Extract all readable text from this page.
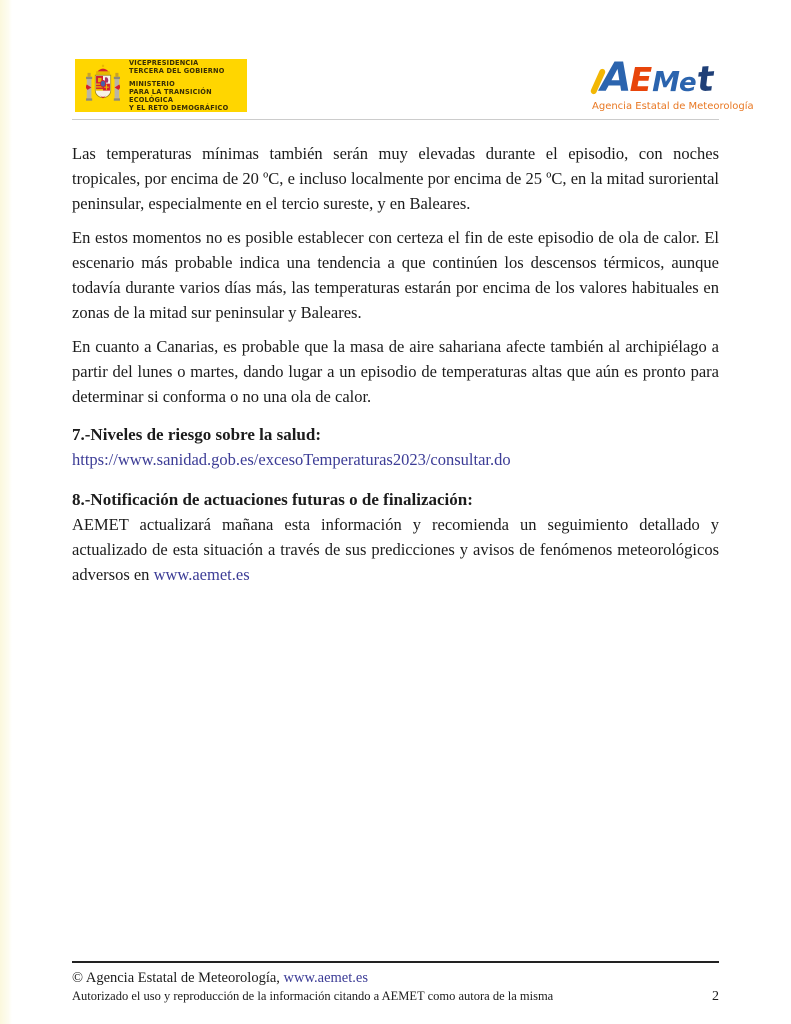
VICEPRESIDENCIA
TERCERA DEL GOBIERNO
MINISTERIO
PARA LA TRANSICIÓN ECOLÓGICA
Y EL RETO DEMOGRÁFICO
A E M e
t
Agencia Estatal de Meteorología

Las temperaturas mínimas también serán muy elevadas durante el episodio, con noches tropicales, por encima de 20 ºC, e incluso localmente por encima de 25 ºC, en la mitad suroriental peninsular, especialmente en el tercio sureste, y en Baleares.

En estos momentos no es posible establecer con certeza el fin de este episodio de ola de calor. El escenario más probable indica una tendencia a que continúen los descensos térmicos, aunque todavía durante varios días más, las temperaturas estarán por encima de los valores habituales en zonas de la mitad sur peninsular y Baleares.

En cuanto a Canarias, es probable que la masa de aire sahariana afecte también al archipiélago a partir del lunes o martes, dando lugar a un episodio de temperaturas altas que aún es pronto para determinar si conforma o no una ola de calor.

7.-Niveles de riesgo sobre la salud:
https://www.sanidad.gob.es/excesoTemperaturas2023/consultar.do
8.-Notificación de actuaciones futuras o de finalización:

AEMET actualizará mañana esta información y recomienda un seguimiento detallado y actualizado de esta situación a través de sus predicciones y avisos de fenómenos meteorológicos adversos en www.aemet.es

© Agencia Estatal de Meteorología, www.aemet.es
Autorizado el uso y reproducción de la información citando a AEMET como autora de la misma	2
